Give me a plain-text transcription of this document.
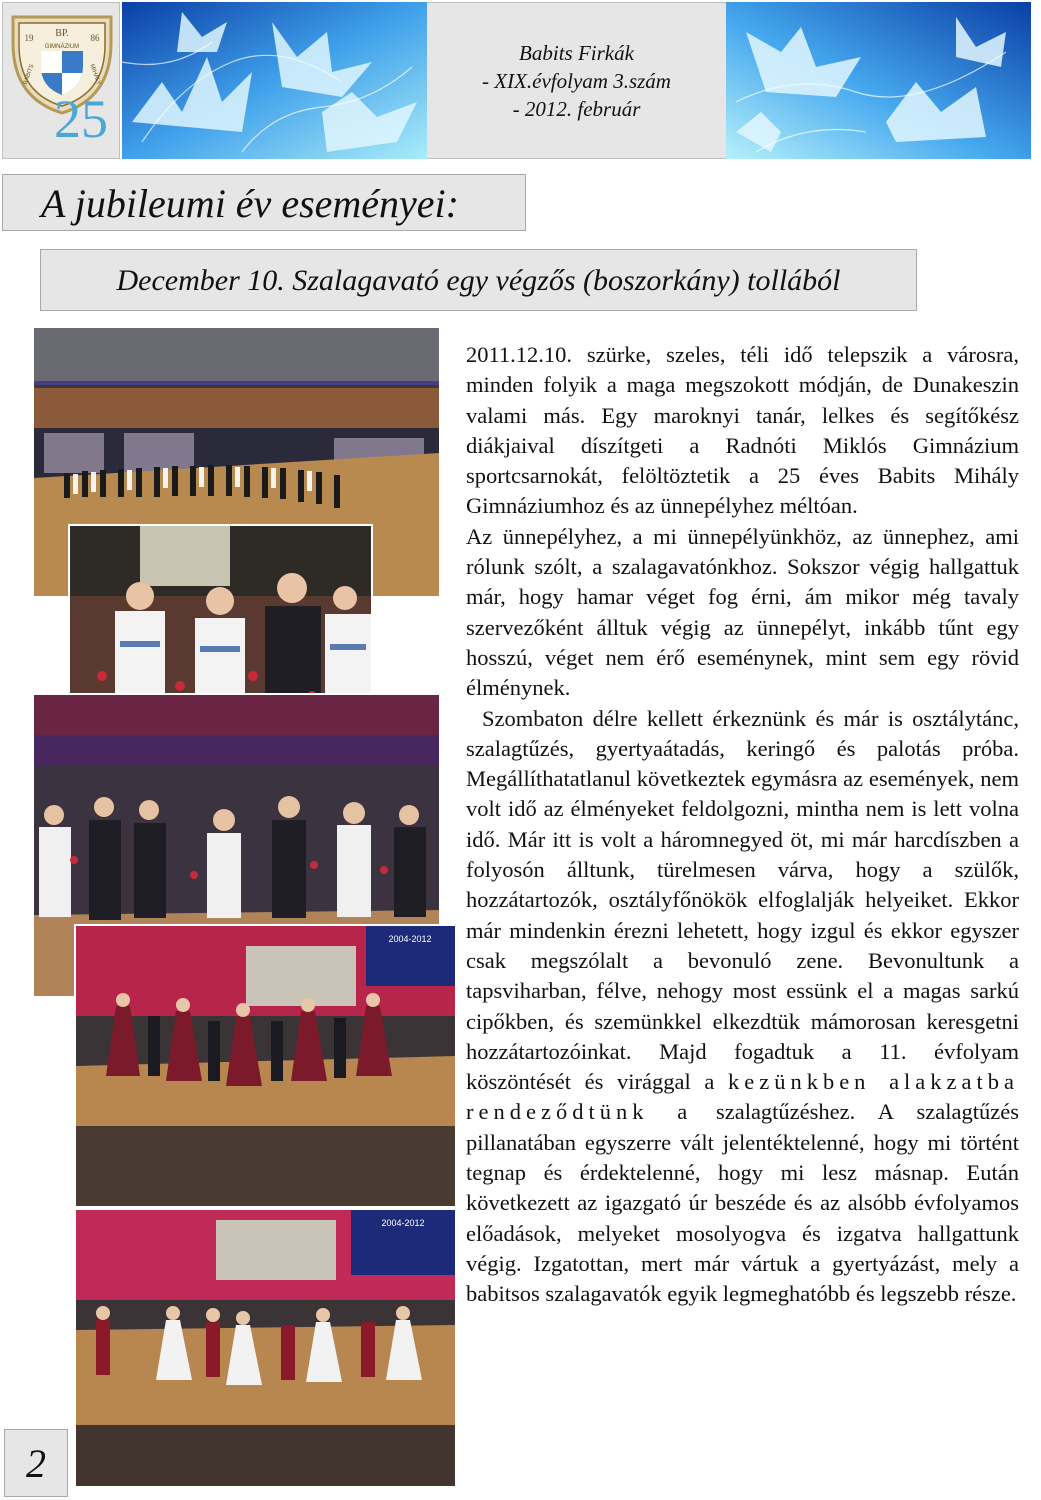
BP.
19	86
GIMNÁZIUM
BABITS	MIHÁLY
25
Babits Firkák
- XIX.évfolyam 3.szám
- 2012. február
A jubileumi év eseményei:
December 10. Szalagavató egy végzős (boszorkány) tollából
2004-2012
2004-2012

2011.12.10. szürke, szeles, téli idő telepszik a városra, minden folyik a maga megszokott módján, de Dunakeszin valami más. Egy maroknyi tanár, lelkes és segítőkész diákjaival díszítgeti a Radnóti Miklós Gimnázium sportcsarnokát, felöltöztetik a 25 éves Babits Mihály Gimnáziumhoz és az ünnepélyhez méltóan.

Az ünnepélyhez, a mi ünnepélyünkhöz, az ünnephez, ami rólunk szólt, a szalagavatónkhoz. Sokszor végig hallgattuk már, hogy hamar véget fog érni, ám mikor még tavaly szervezőként álltuk végig az ünnepélyt, inkább tűnt egy hosszú, véget nem érő eseménynek, mint sem egy rövid élménynek.

Szombaton délre kellett érkeznünk és már is osztálytánc, szalagtűzés, gyertyaátadás, keringő és palotás próba. Megállíthatatlanul következtek egymásra az események, nem volt idő az élményeket feldolgozni, mintha nem is lett volna idő. Már itt is volt a háromnegyed öt, mi már harcdíszben a folyosón álltunk, türelmesen várva, hogy a szülők, hozzátartozók, osztályfőnökök elfoglalják helyeiket. Ekkor már mindenkin érezni lehetett, hogy izgul és ekkor egyszer csak megszólalt a bevonuló zene. Bevonultunk a tapsviharban, félve, nehogy most essünk el a magas sarkú cipőkben, és szemünkkel elkezdtük mámorosan keresgetni hozzátartozóinkat. Majd fogadtuk a 11. évfolyam köszöntését és virággal a kezünkben alakzatba rendeződtünk a szalagtűzéshez. A szalagtűzés pillanatában egyszerre vált jelentéktelenné, hogy mi történt tegnap és érdektelenné, hogy mi lesz másnap. Eután következett az igazgató úr beszéde és az alsóbb évfolyamos előadások, melyeket mosolyogva és izgatva hallgattunk végig. Izgatottan, mert már vártuk a gyertyázást, mely a babitsos szalagavatók egyik legmeghatóbb és legszebb része.

2
